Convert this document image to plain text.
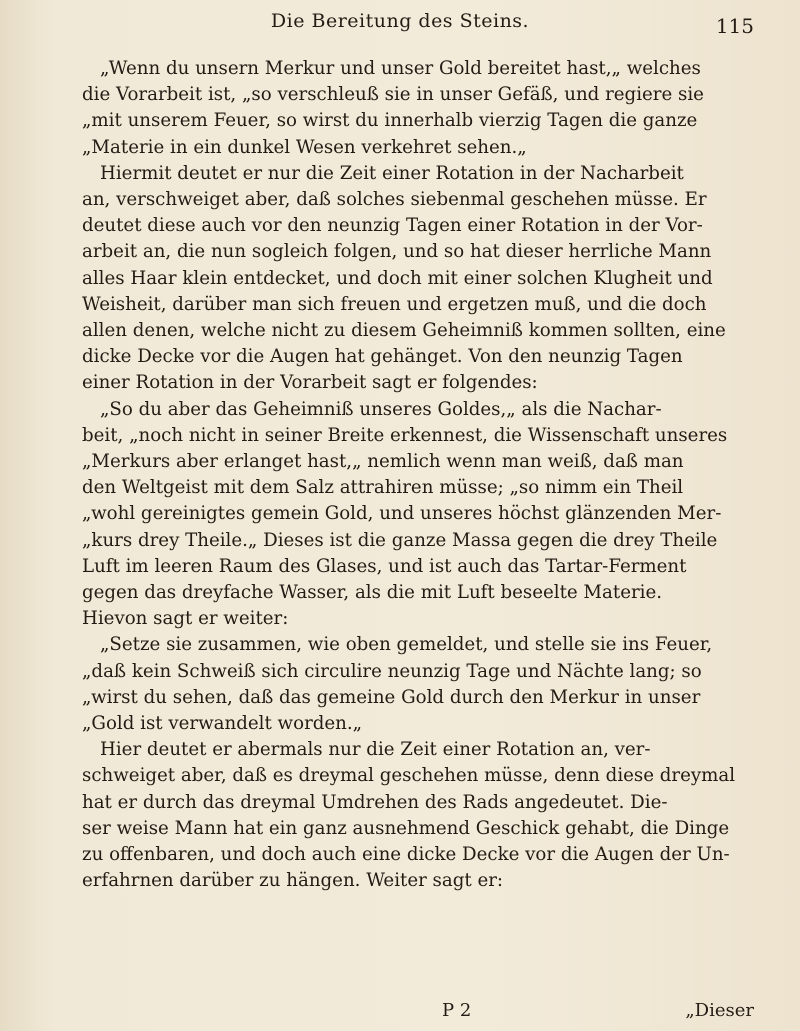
Die Bereitung des Steins.	115

„Wenn du unsern Merkur und unser Gold bereitet hast,„ welches
die Vorarbeit ist, „so verschleuß sie in unser Gefäß, und regiere sie
„mit unserem Feuer, so wirst du innerhalb vierzig Tagen die ganze
„Materie in ein dunkel Wesen verkehret sehen.„

Hiermit deutet er nur die Zeit einer Rotation in der Nacharbeit
an, verschweiget aber, daß solches siebenmal geschehen müsse. Er
deutet diese auch vor den neunzig Tagen einer Rotation in der Vor-
arbeit an, die nun sogleich folgen, und so hat dieser herrliche Mann
alles Haar klein entdecket, und doch mit einer solchen Klugheit und
Weisheit, darüber man sich freuen und ergetzen muß, und die doch
allen denen, welche nicht zu diesem Geheimniß kommen sollten, eine
dicke Decke vor die Augen hat gehänget. Von den neunzig Tagen
einer Rotation in der Vorarbeit sagt er folgendes:

„So du aber das Geheimniß unseres Goldes,„ als die Nachar-
beit, „noch nicht in seiner Breite erkennest, die Wissenschaft unseres
„Merkurs aber erlanget hast,„ nemlich wenn man weiß, daß man
den Weltgeist mit dem Salz attrahiren müsse; „so nimm ein Theil
„wohl gereinigtes gemein Gold, und unseres höchst glänzenden Mer-
„kurs drey Theile.„ Dieses ist die ganze Massa gegen die drey Theile
Luft im leeren Raum des Glases, und ist auch das Tartar-Ferment
gegen das dreyfache Wasser, als die mit Luft beseelte Materie.
Hievon sagt er weiter:

„Setze sie zusammen, wie oben gemeldet, und stelle sie ins Feuer,
„daß kein Schweiß sich circulire neunzig Tage und Nächte lang; so
„wirst du sehen, daß das gemeine Gold durch den Merkur in unser
„Gold ist verwandelt worden.„

Hier deutet er abermals nur die Zeit einer Rotation an, ver-
schweiget aber, daß es dreymal geschehen müsse, denn diese dreymal
hat er durch das dreymal Umdrehen des Rads angedeutet. Die-
ser weise Mann hat ein ganz ausnehmend Geschick gehabt, die Dinge
zu offenbaren, und doch auch eine dicke Decke vor die Augen der Un-
erfahrnen darüber zu hängen. Weiter sagt er:

P 2	„Dieser
